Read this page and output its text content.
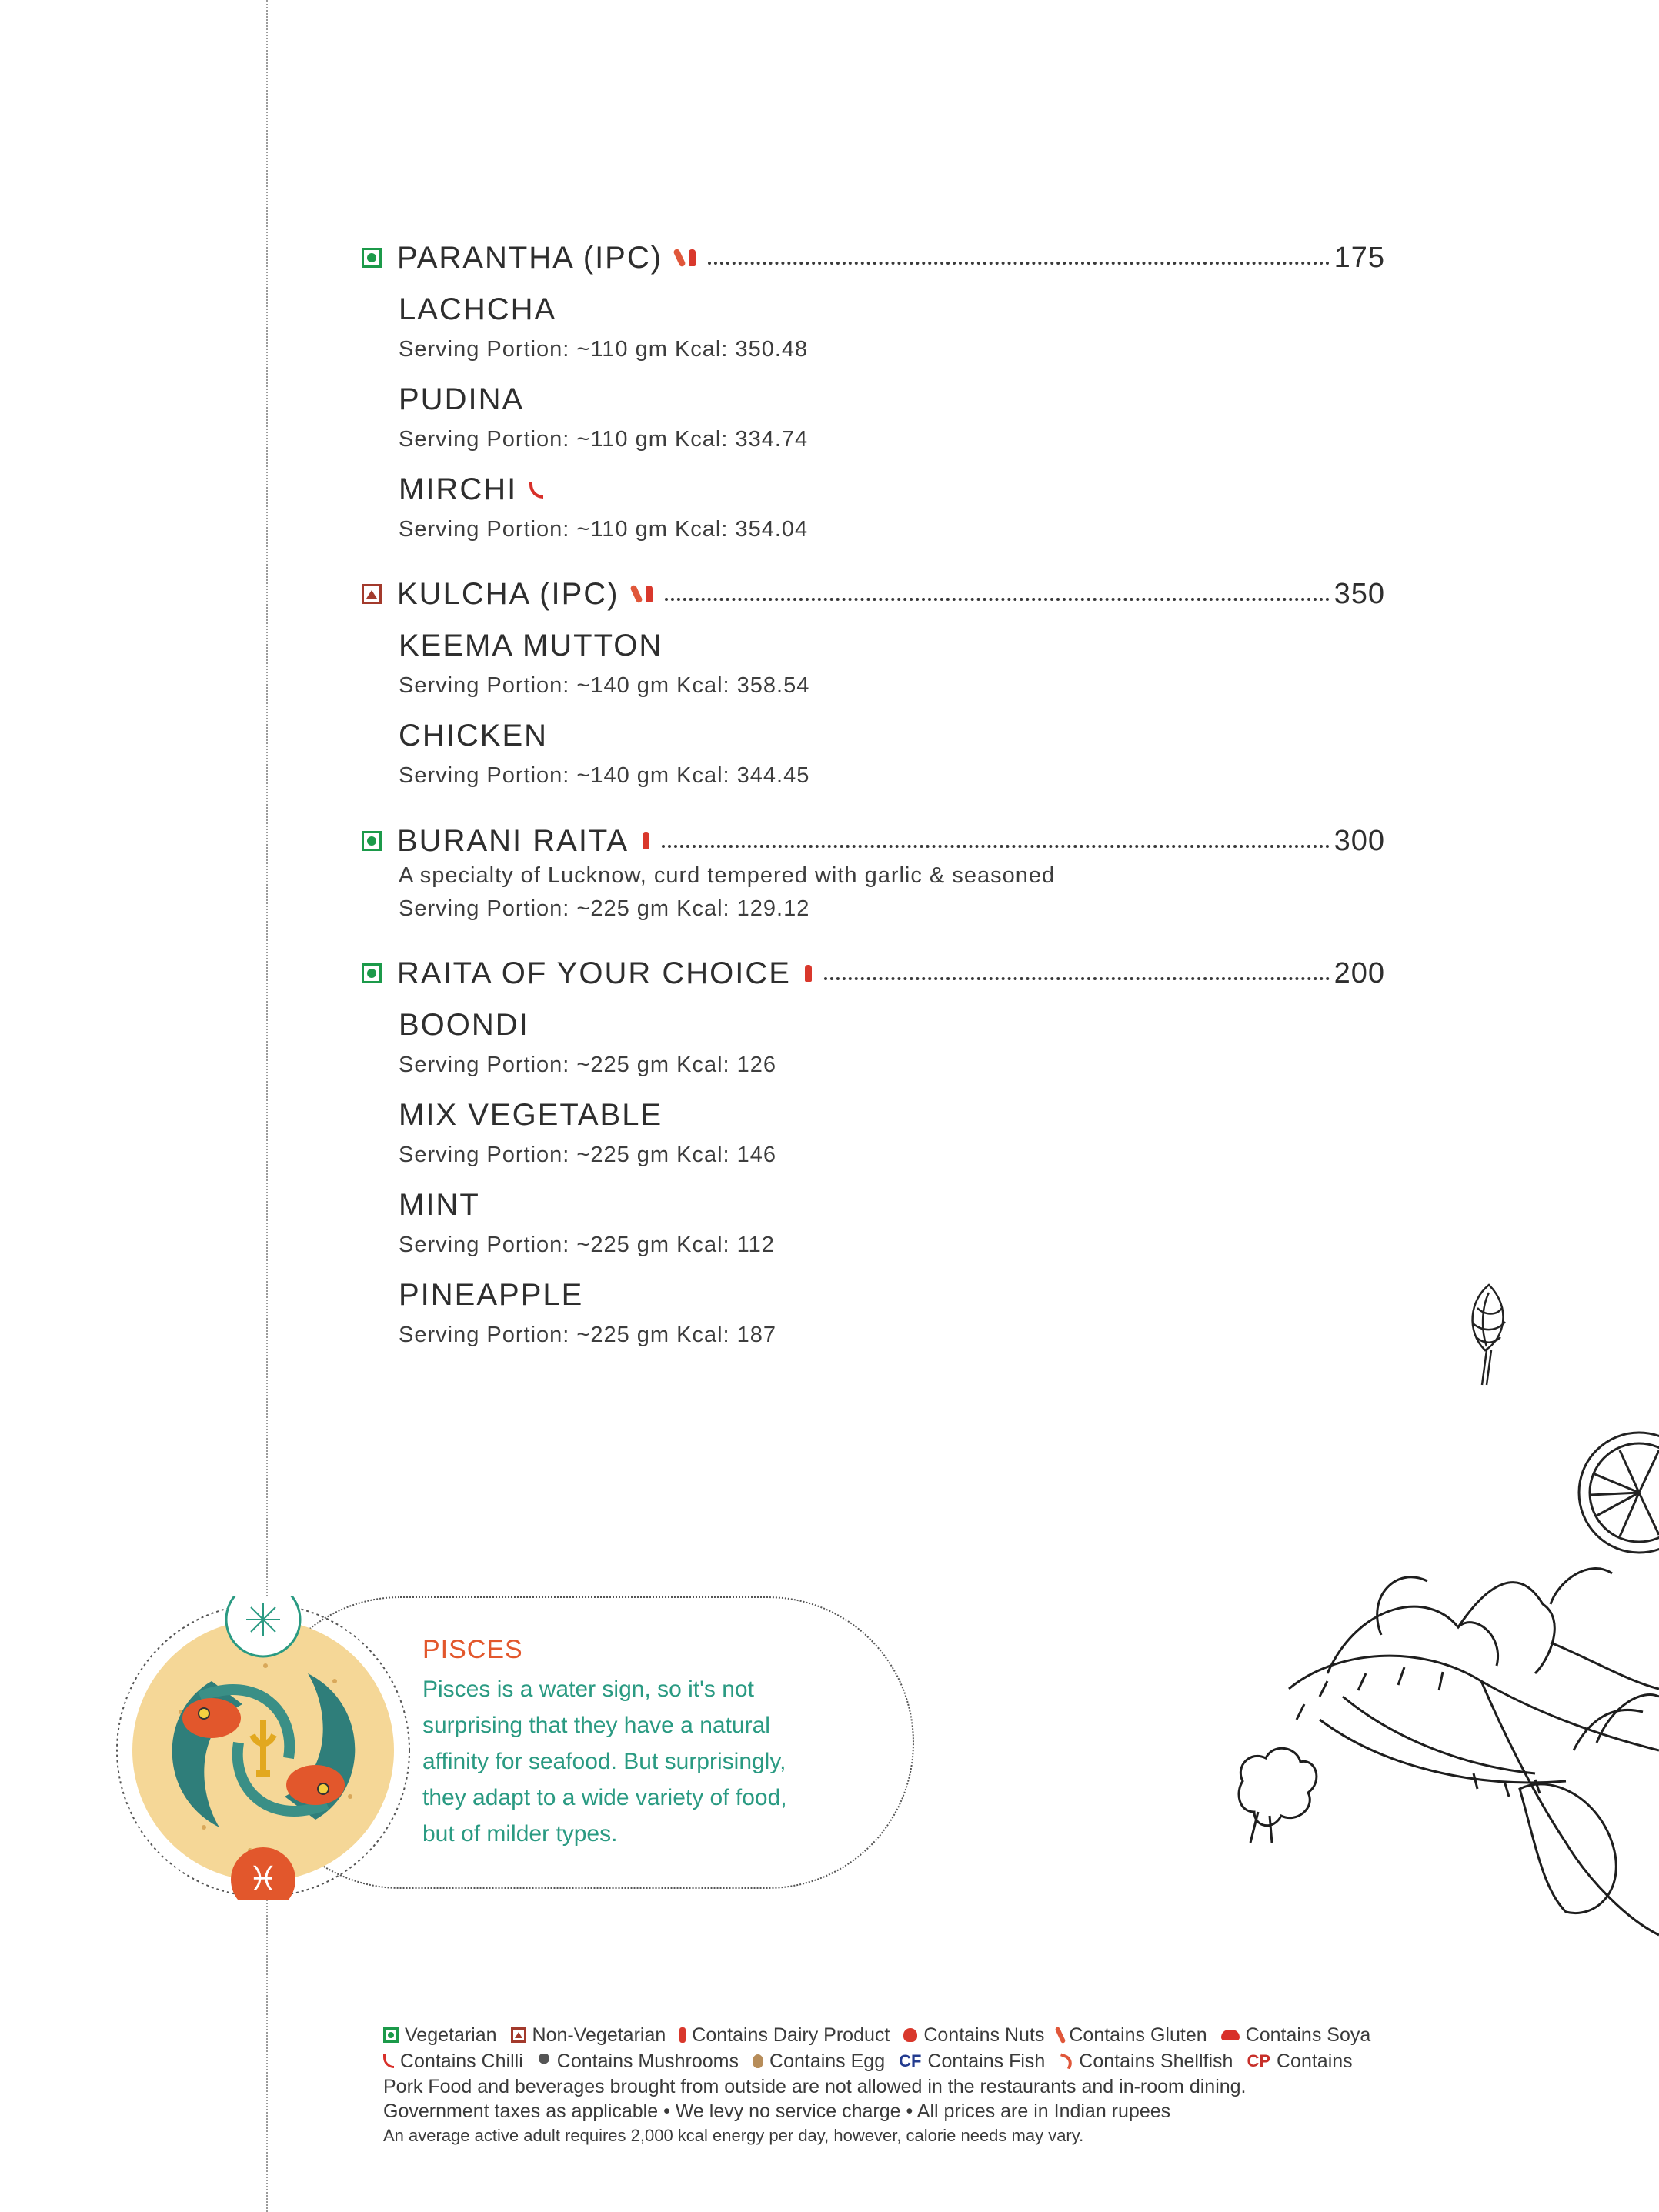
PARANTHA (IPC)	175
LACHCHA
Serving Portion: ~110 gm Kcal: 350.48
PUDINA
Serving Portion: ~110 gm Kcal: 334.74
MIRCHI
Serving Portion: ~110 gm Kcal: 354.04
KULCHA (IPC)	350
KEEMA MUTTON
Serving Portion: ~140 gm Kcal: 358.54
CHICKEN
Serving Portion: ~140 gm Kcal: 344.45
BURANI RAITA	300
A specialty of Lucknow, curd tempered with garlic & seasoned
Serving Portion: ~225 gm Kcal: 129.12
RAITA OF YOUR CHOICE	200
BOONDI
Serving Portion: ~225 gm Kcal: 126
MIX VEGETABLE
Serving Portion: ~225 gm Kcal: 146
MINT
Serving Portion: ~225 gm Kcal: 112
PINEAPPLE
Serving Portion: ~225 gm Kcal: 187
♓
PISCES
Pisces is a water sign, so it's not
surprising that they have a natural
affinity for seafood. But surprisingly,
they adapt to a wide variety of food,
but of milder types.
Vegetarian Non-Vegetarian Contains Dairy Product Contains Nuts Contains Gluten Contains Soya
Contains Chilli Contains Mushrooms Contains Egg CF Contains Fish Contains Shellfish CP Contains
Pork Food and beverages brought from outside are not allowed in the restaurants and in-room dining.
Government taxes as applicable • We levy no service charge • All prices are in Indian rupees
An average active adult requires 2,000 kcal energy per day, however, calorie needs may vary.
